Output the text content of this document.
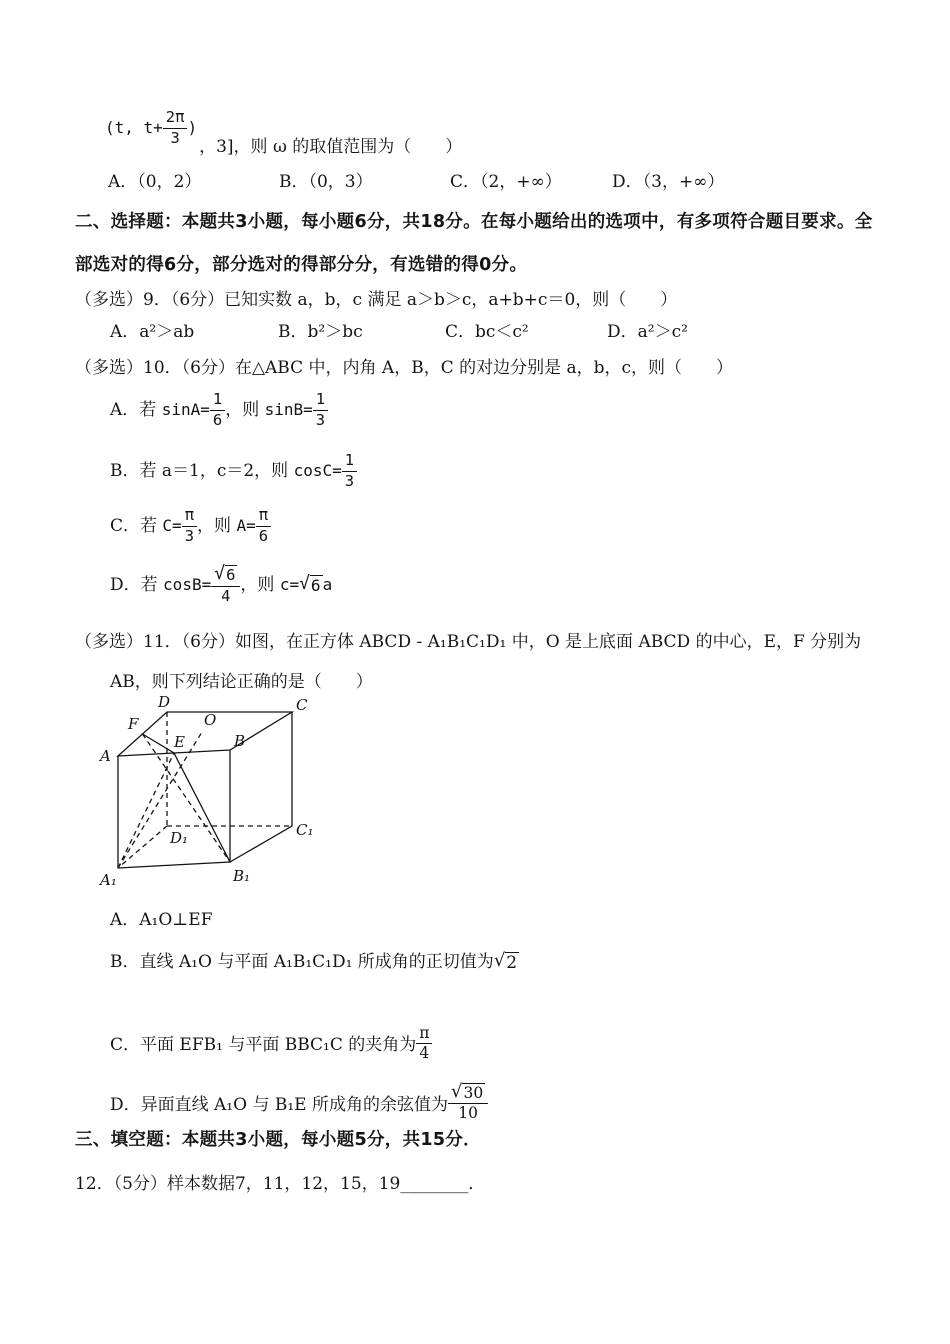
(t, $t+ \frac{2\pi}{3}$ )
，3]，则 ω 的取值范围为（　　）
A．（0，2）	B．（0，3）	C．（2，+∞）	D．（3，+∞）
二、选择题：本题共3小题，每小题6分，共18分。在每小题给出的选项中，有多项符合题目要求。全
部选对的得6分，部分选对的得部分分，有选错的得0分。
（多选）9．（6分）已知实数 a，b，c 满足 a＞b＞c，a+b+c＝0，则（　　）
A．a²＞ab	B．b²＞bc	C．bc＜c²	D．a²＞c²
（多选）10．（6分）在△ABC 中，内角 A，B，C 的对边分别是 a，b，c，则（　　）
A．若 $\sin A= \frac{1}{6}$ ，则 $\sin B= \frac{1}{3}$
B．若 a＝1，c＝2，则 $\cos C= \frac{1}{3}$
C．若 $C= \frac{\pi}{3}$ ，则 $A= \frac{\pi}{6}$
D．若 $\cos B= \frac{√ 6}{4}$ ，则 c= √ 6 a
（多选）11．（6分）如图，在正方体 ABCD - A₁B₁C₁D₁ 中，O 是上底面 ABCD 的中心，E，F 分别为
AB，则下列结论正确的是（　　）
A
B
C
D
O
E
F
A₁	B₁
C₁
D₁
A．A₁O⊥EF
B．直线 A₁O 与平面 A₁B₁C₁D₁ 所成角的正切值为 √ 2
C．平面 EFB₁ 与平面 BBC₁C 的夹角为 $\frac{\pi}{4}$
D．异面直线 A₁O 与 B₁E 所成角的余弦值为 $\frac{√ 30}{10}$
三、填空题：本题共3小题，每小题5分，共15分．
12．（5分）样本数据7，11，12，15，19________．
